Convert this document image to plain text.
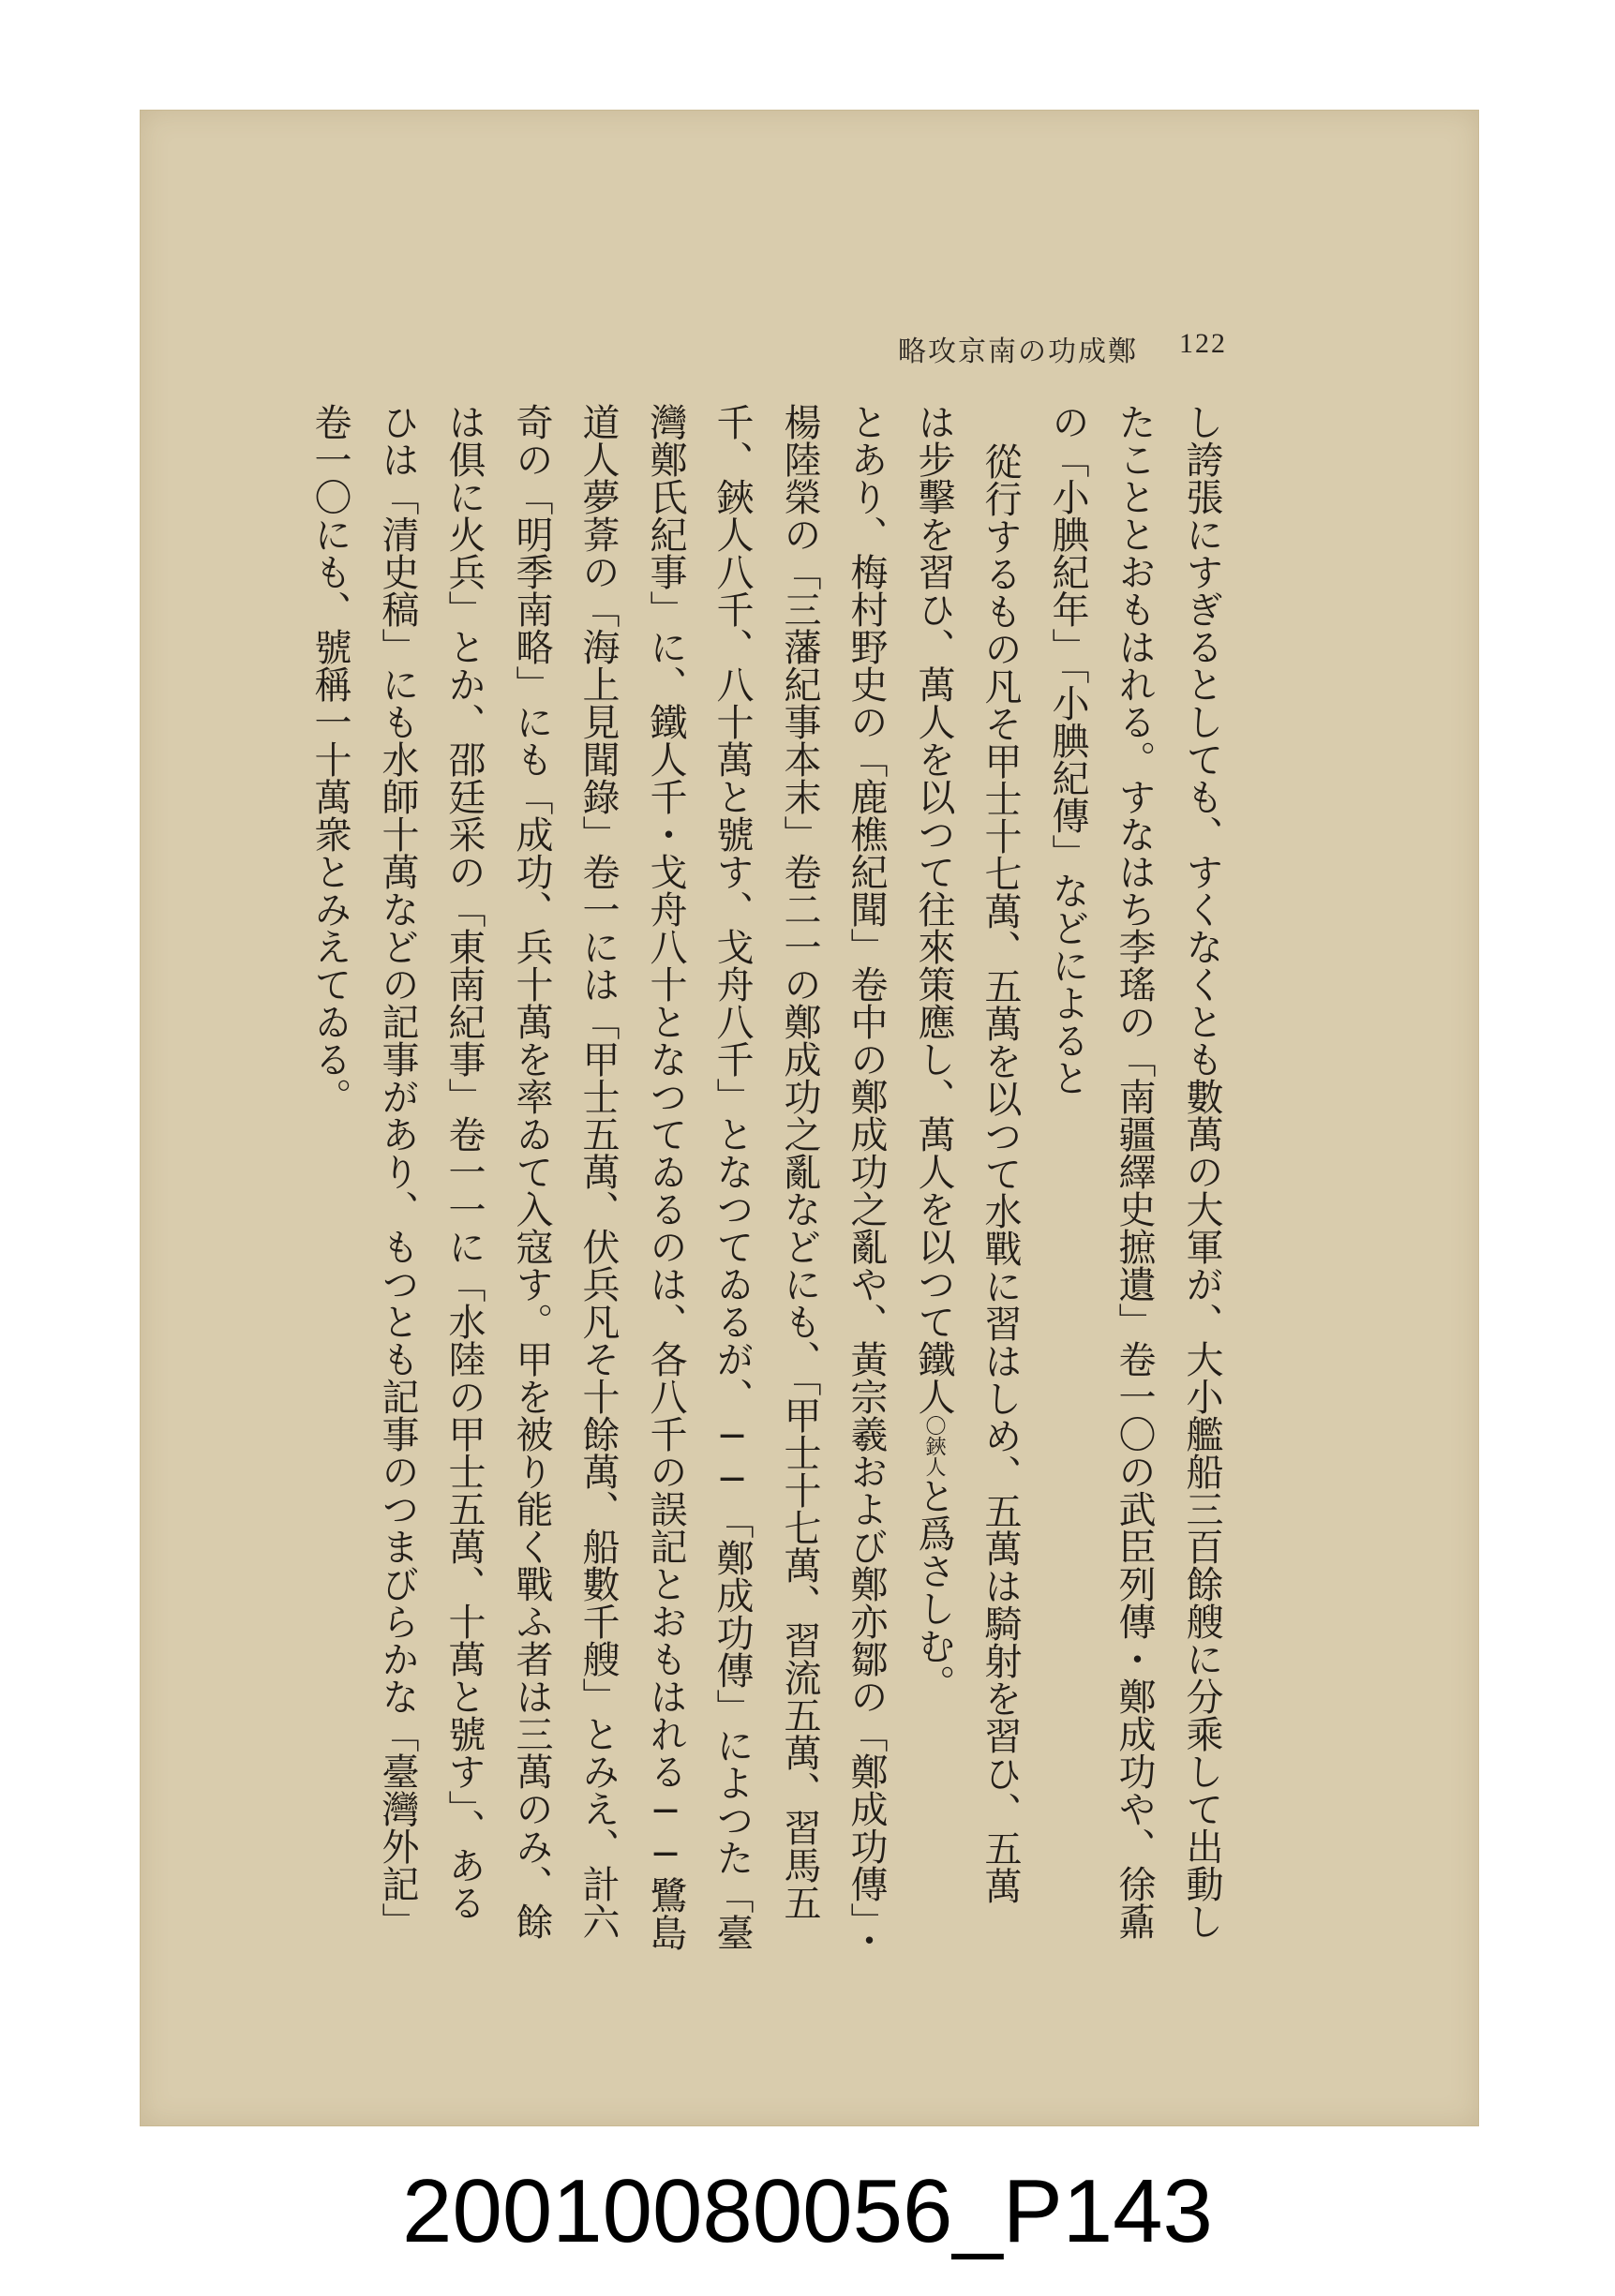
略攻京南の功成鄭 122
し誇張にすぎるとしても、すくなくとも數萬の大軍が、大小艦船三百餘艘に分乘して出動し
たこととおもはれる。すなはち李瑤の「南疆繹史摭遺」卷一〇の武臣列傳・鄭成功や、徐鼒
の「小腆紀年」「小腆紀傳」などによると
從行するもの凡そ甲士十七萬、五萬を以つて水戰に習はしめ、五萬は騎射を習ひ、五萬
は步擊を習ひ、萬人を以つて往來策應し、萬人を以つて鐵人〇鋏人と爲さしむ。
とあり、梅村野史の「鹿樵紀聞」卷中の鄭成功之亂や、黃宗羲および鄭亦鄒の「鄭成功傳」・
楊陸榮の「三藩紀事本末」卷二一の鄭成功之亂などにも、「甲士十七萬、習流五萬、習馬五
千、鋏人八千、八十萬と號す、戈舟八千」となつてゐるが、──「鄭成功傳」によつた「臺
灣鄭氏紀事」に、鐵人千・戈舟八十となつてゐるのは、各八千の誤記とおもはれる──鷺島
道人夢葊の「海上見聞錄」卷一には「甲士五萬、伏兵凡そ十餘萬、船數千艘」とみえ、計六
奇の「明季南略」にも「成功、兵十萬を率ゐて入寇す。甲を被り能く戰ふ者は三萬のみ、餘
は俱に火兵」とか、邵廷采の「東南紀事」卷一一に「水陸の甲士五萬、十萬と號す」、ある
ひは「清史稿」にも水師十萬などの記事があり、もつとも記事のつまびらかな「臺灣外記」
卷一〇にも、號稱一十萬衆とみえてゐる。
20010080056_P143
